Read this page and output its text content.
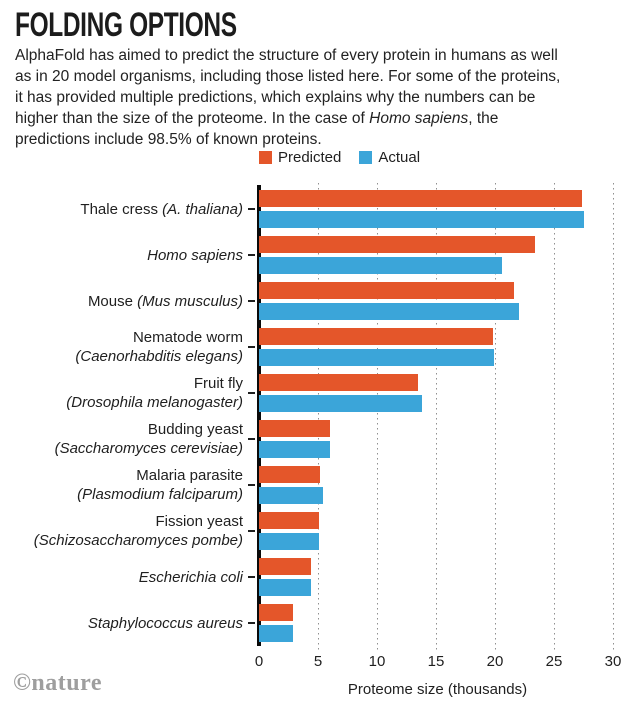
FOLDING OPTIONS

AlphaFold has aimed to predict the structure of every protein in humans as well as in 20 model organisms, including those listed here. For some of the proteins, it has provided multiple predictions, which explains why the numbers can be higher than the size of the proteome. In the case of Homo sapiens, the predictions include 98.5% of known proteins.

Predicted Actual
Thale cress (A. thaliana)
Homo sapiens
Mouse (Mus musculus)
Nematode worm
(Caenorhabditis elegans)
Fruit fly
(Drosophila melanogaster)
Budding yeast
(Saccharomyces cerevisiae)
Malaria parasite
(Plasmodium falciparum)
Fission yeast
(Schizosaccharomyces pombe)
Escherichia coli
Staphylococcus aureus
0	5	10	15	20	25	30
Proteome size (thousands)
©nature
